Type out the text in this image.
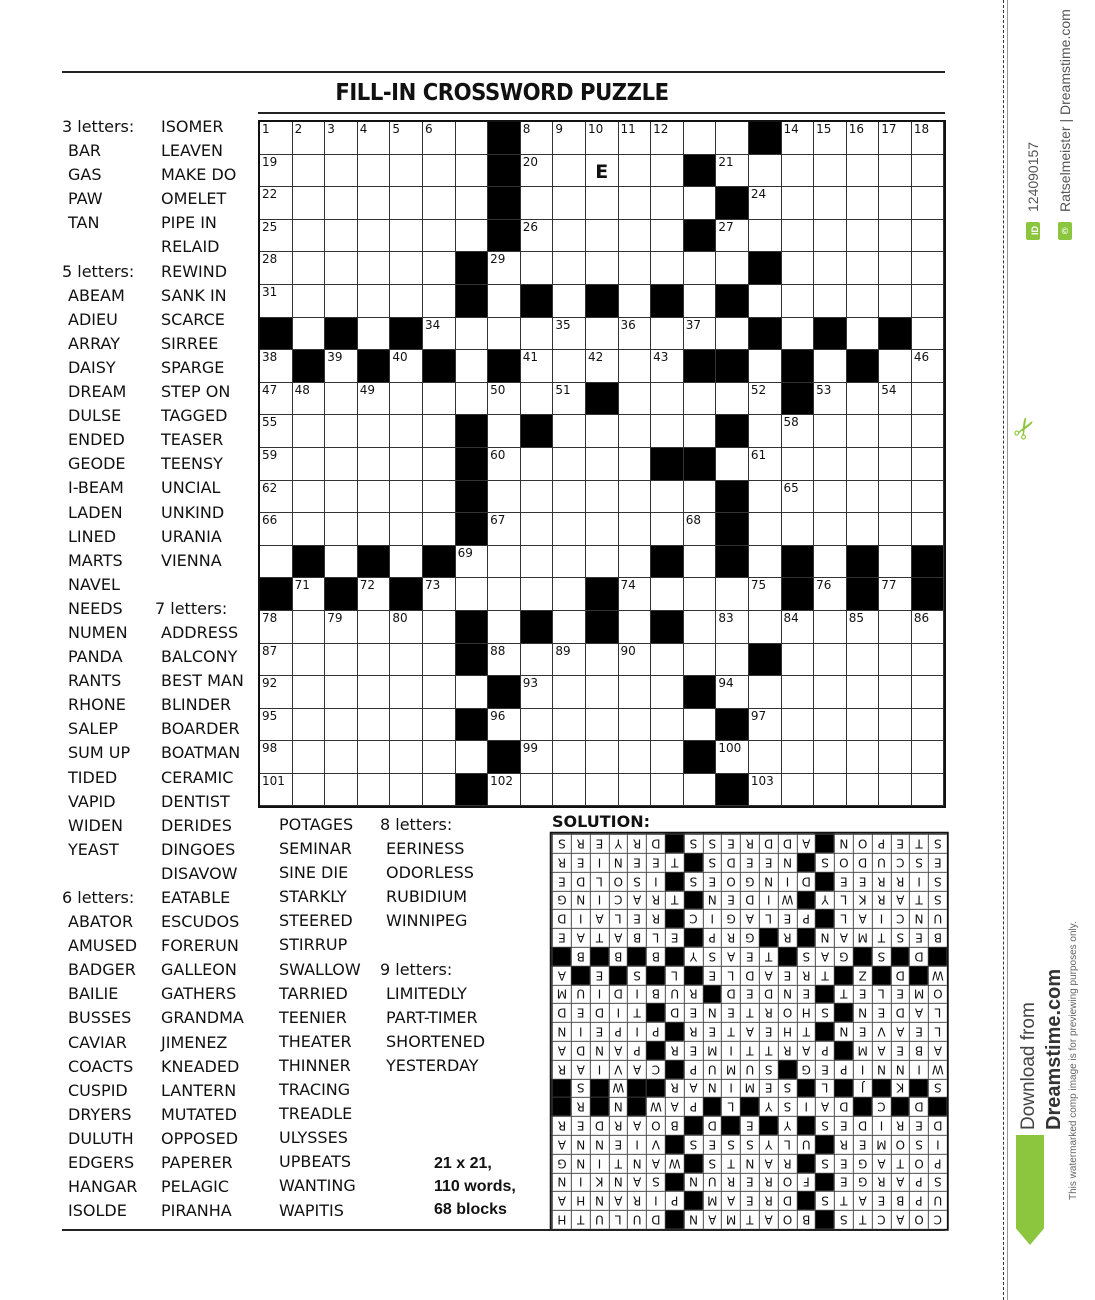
FILL-IN CROSSWORD PUZZLE
3 letters:
BAR
GAS
PAW
TAN
5 letters:
ABEAM
ADIEU
ARRAY
DAISY
DREAM
DULSE
ENDED
GEODE
I-BEAM
LADEN
LINED
MARTS
NAVEL
NEEDS
NUMEN
PANDA
RANTS
RHONE
SALEP
SUM UP
TIDED
VAPID
WIDEN
YEAST
6 letters:
ABATOR
AMUSED
BADGER
BAILIE
BUSSES
CAVIAR
COACTS
CUSPID
DRYERS
DULUTH
EDGERS
HANGAR
ISOLDE
ISOMER
LEAVEN
MAKE DO
OMELET
PIPE IN
RELAID
REWIND
SANK IN
SCARCE
SIRREE
SPARGE
STEP ON
TAGGED
TEASER
TEENSY
UNCIAL
UNKIND
URANIA
VIENNA
7 letters:
ADDRESS
BALCONY
BEST MAN
BLINDER
BOARDER
BOATMAN
CERAMIC
DENTIST
DERIDES
DINGOES
DISAVOW
EATABLE
ESCUDOS
FORERUN
GALLEON
GATHERS
GRANDMA
JIMENEZ
KNEADED
LANTERN
MUTATED
OPPOSED
PAPERER
PELAGIC
PIRANHA
POTAGES
SEMINAR
SINE DIE
STARKLY
STEERED
STIRRUP
SWALLOW
TARRIED
TEENIER
THEATER
THINNER
TRACING
TREADLE
ULYSSES
UPBEATS
WANTING
WAPITIS
8 letters:
EERINESS
ODORLESS
RUBIDIUM
WINNIPEG
9 letters:
LIMITEDLY
PART-TIMER
SHORTENED
YESTERDAY
1 2 3 4 5 6	8 9 10 11 12	14 15 16 17 18
19	20	E	21
22	24
25	26	27
28	29
31
34	35	36	37
38	39	40	41	42	43	46
47 48	49	50	51	52	53	54
55	58
59	60	61
62	65
66	67	68
69
71	72	73	74	75	76	77
78	79	80	83	84	85	86
87	88	89	90
92	93	94
95	96	97
98	99	100
101	102	103
SOLUTION:
C
O
A
C
T
S
B
O
A
T
M
A
N
D
U
L
U
T
H
U
P
B
E
A
T
S
D
R
E
A
M
P
I
R
A
N
H
A
S
P
A
R
G
E
F
O
R
E
R
U
N
S
A
N
K
I
N
P
O
T
A
G
E
S
R
A
N
T
S
W
A
N
T
I
N
G
I
S
O
M
E
R
U
L
Y
S
S
E
S
V
I
E
N
N
A
D
E
R
I
D
E
S
Y
E
D
B
O
A
R
D
E
R
D
C
D
A
I
S
Y
L
P
A
W
N
R
S
K
J
L
S
E
M
I
N
A
R
W
S
W
I
N
N
I
P
E
G
S
U
M
U
P
C
A
V
I
A
R
A
B
E
A
M
P
A
R
T
T
I
M
E
R
P
A
N
D
A
L
E
A
V
E
N
T
H
E
A
T
E
R
P
I
P
E
I
N
L
A
D
E
N
S
H
O
R
T
E
N
E
D
T
I
D
E
D
O
M
E
L
E
T
E
N
D
E
D
R
U
B
I
D
I
U
M
W
D
Z
T
R
E
A
D
L
E
L
S
E
A
D
S
G
A
S
T
E
A
S
Y
B
B
B
B
E
S
T
M
A
N
R
G
R
P
E
L
B
A
T
A
E
U
N
C
I
A
L
P
E
L
A
G
I
C
R
E
L
A
I
D
S
T
A
R
K
L
Y
W
I
D
E
N
T
R
A
C
I
N
G
S
I
R
R
E
E
D
I
N
G
O
E
S
I
S
O
L
D
E
E
S
C
U
D
O
S
N
E
E
D
S
T
E
E
N
I
E
R
S
T
E
P
O
N
A
D
D
R
E
S
S
D
R
Y
E
R
S
21 x 21,
110 words,
68 blocks
✂
ID
124090157
©
Ratselmeister | Dreamstime.com
Download from Dreamstime.com This watermarked comp image is for previewing purposes only.
